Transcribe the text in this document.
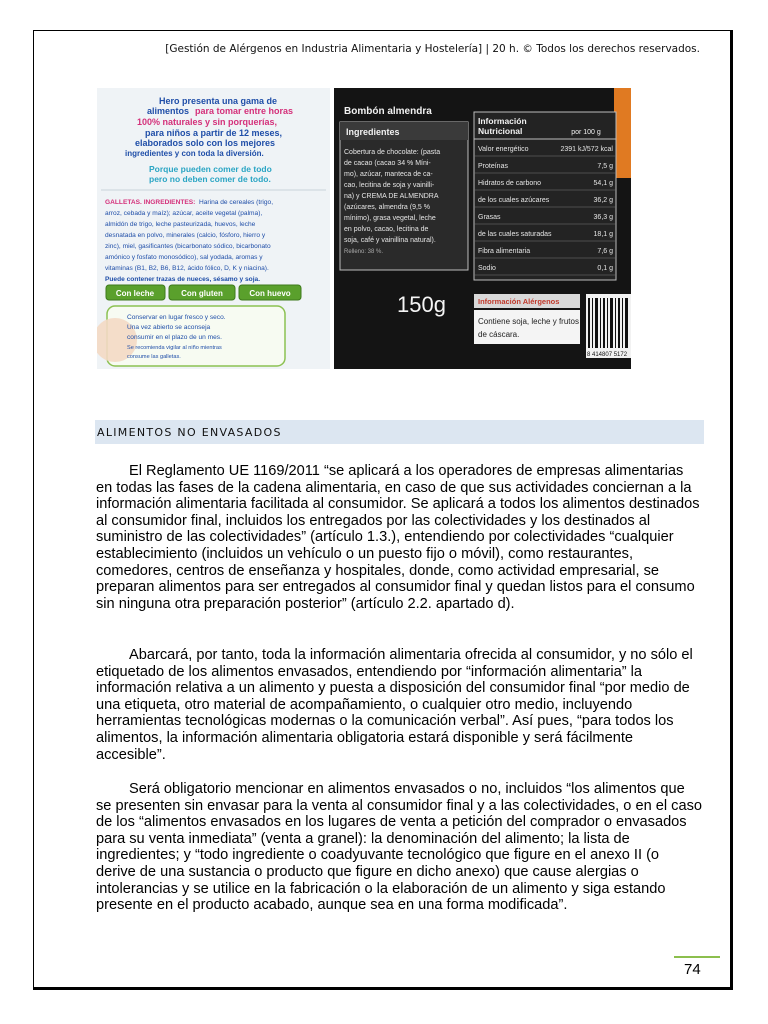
[Gestión de Alérgenos en Industria Alimentaria y Hostelería] | 20 h. © Todos los derechos reservados.
Hero presenta una gama de alimentos para tomar entre horas 100% naturales y sin porquerías, para niños a partir de 12 meses, elaborados solo con los mejores ingredientes y con toda la diversión.
Porque pueden comer de todo pero no deben comer de todo.
GALLETAS. INGREDIENTES: Harina de cereales (trigo, arroz, cebada y maíz); azúcar, aceite vegetal (palma), almidón de trigo, leche pasteurizada, huevos, leche desnatada en polvo, minerales (calcio, fósforo, hierro y zinc), miel, gasificantes (bicarbonato sódico, bicarbonato amónico y fosfato monosódico), sal yodada, aromas y vitaminas (B1, B2, B6, B12, ácido fólico, D, K y niacina). Puede contener trazas de nueces, sésamo y soja.
Con leche	Con gluten	Con huevo
Conservar en lugar fresco y seco. Una vez abierto se aconseja consumir en el plazo de un mes. Se recomienda vigilar al niño mientras consume las galletas.
Bombón almendra
Ingredientes
Cobertura de chocolate: (pasta de cacao (cacao 34 % Míni- mo), azúcar, manteca de ca- cao, lecitina de soja y vainilli- na) y CREMA DE ALMENDRA (azúcares, almendra (9,5 % mínimo), grasa vegetal, leche en polvo, cacao, lecitina de soja, café y vainillina natural). Relleno: 38 %.
Información Nutricional	por 100 g
Valor energético	2391 kJ/572 kcal
Proteínas	7,5 g
Hidratos de carbono	54,1 g
de los cuales azúcares	36,2 g
Grasas	36,3 g
de las cuales saturadas	18,1 g
Fibra alimentaria	7,6 g
Sodio	0,1 g
150g	Información Alérgenos
Contiene soja, leche y frutos de cáscara.
8 414807 5172
ALIMENTOS NO ENVASADOS

El Reglamento UE 1169/2011 “se aplicará a los operadores de empresas alimentarias en todas las fases de la cadena alimentaria, en caso de que sus actividades conciernan a la información alimentaria facilitada al consumidor. Se aplicará a todos los alimentos destinados al consumidor final, incluidos los entregados por las colectividades y los destinados al suministro de las colectividades” (artículo 1.3.), entendiendo por colectividades “cualquier establecimiento (incluidos un vehículo o un puesto fijo o móvil), como restaurantes, comedores, centros de enseñanza y hospitales, donde, como actividad empresarial, se preparan alimentos para ser entregados al consumidor final y quedan listos para el consumo sin ninguna otra preparación posterior” (artículo 2.2. apartado d).

Abarcará, por tanto, toda la información alimentaria ofrecida al consumidor, y no sólo el etiquetado de los alimentos envasados, entendiendo por “información alimentaria” la información relativa a un alimento y puesta a disposición del consumidor final “por medio de una etiqueta, otro material de acompañamiento, o cualquier otro medio, incluyendo herramientas tecnológicas modernas o la comunicación verbal”. Así pues, “para todos los alimentos, la información alimentaria obligatoria estará disponible y será fácilmente accesible”.

Será obligatorio mencionar en alimentos envasados o no, incluidos “los alimentos que se presenten sin envasar para la venta al consumidor final y a las colectividades, o en el caso de los “alimentos envasados en los lugares de venta a petición del comprador o envasados para su venta inmediata” (venta a granel): la denominación del alimento; la lista de ingredientes; y “todo ingrediente o coadyuvante tecnológico que figure en el anexo II (o derive de una sustancia o producto que figure en dicho anexo) que cause alergias o intolerancias y se utilice en la fabricación o la elaboración de un alimento y siga estando presente en el producto acabado, aunque sea en una forma modificada”.

74
